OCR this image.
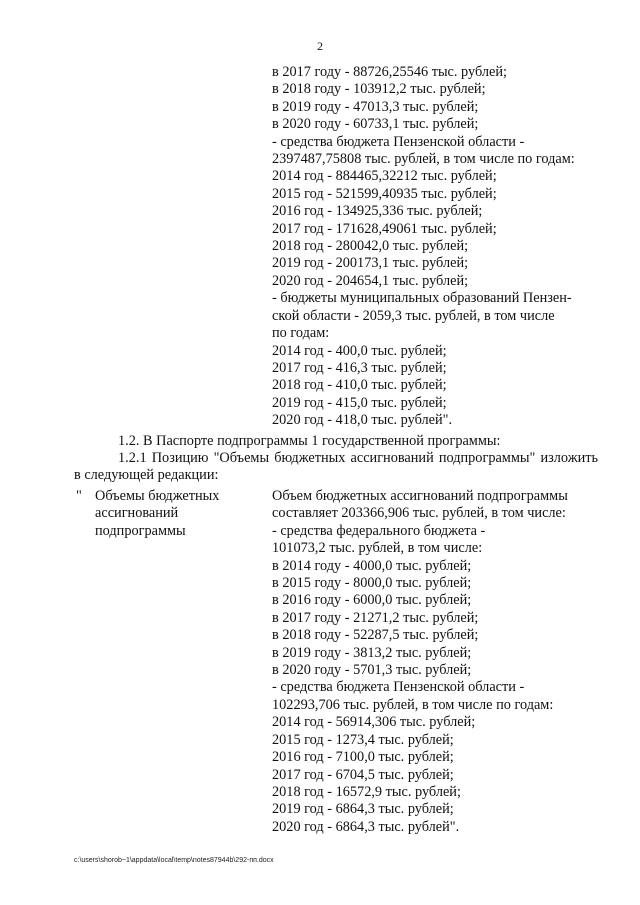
2
в 2017 году - 88726,25546 тыс. рублей;
в 2018 году - 103912,2 тыс. рублей;
в 2019 году - 47013,3 тыс. рублей;
в 2020 году - 60733,1 тыс. рублей;
- средства бюджета Пензенской области -
2397487,75808 тыс. рублей, в том числе по годам:
2014 год - 884465,32212 тыс. рублей;
2015 год - 521599,40935 тыс. рублей;
2016 год - 134925,336 тыс. рублей;
2017 год - 171628,49061 тыс. рублей;
2018 год - 280042,0 тыс. рублей;
2019 год - 200173,1 тыс. рублей;
2020 год - 204654,1 тыс. рублей;
- бюджеты муниципальных образований Пензен-
ской области - 2059,3 тыс. рублей, в том числе
по годам:
2014 год - 400,0 тыс. рублей;
2017 год - 416,3 тыс. рублей;
2018 год - 410,0 тыс. рублей;
2019 год - 415,0 тыс. рублей;
2020 год - 418,0 тыс. рублей".
1.2. В Паспорте подпрограммы 1 государственной программы:
1.2.1 Позицию "Объемы бюджетных ассигнований подпрограммы" изложить в следующей редакции:
" Объемы бюджетных
ассигнований
подпрограммы
Объем бюджетных ассигнований подпрограммы
составляет 203366,906 тыс. рублей, в том числе:
- средства федерального бюджета -
101073,2 тыс. рублей, в том числе:
в 2014 году - 4000,0 тыс. рублей;
в 2015 году - 8000,0 тыс. рублей;
в 2016 году - 6000,0 тыс. рублей;
в 2017 году - 21271,2 тыс. рублей;
в 2018 году - 52287,5 тыс. рублей;
в 2019 году - 3813,2 тыс. рублей;
в 2020 году - 5701,3 тыс. рублей;
- средства бюджета Пензенской области -
102293,706 тыс. рублей, в том числе по годам:
2014 год - 56914,306 тыс. рублей;
2015 год - 1273,4 тыс. рублей;
2016 год - 7100,0 тыс. рублей;
2017 год - 6704,5 тыс. рублей;
2018 год - 16572,9 тыс. рублей;
2019 год - 6864,3 тыс. рублей;
2020 год - 6864,3 тыс. рублей".
c:\users\shorob~1\appdata\local\temp\notes87944b\292-пп.docx
